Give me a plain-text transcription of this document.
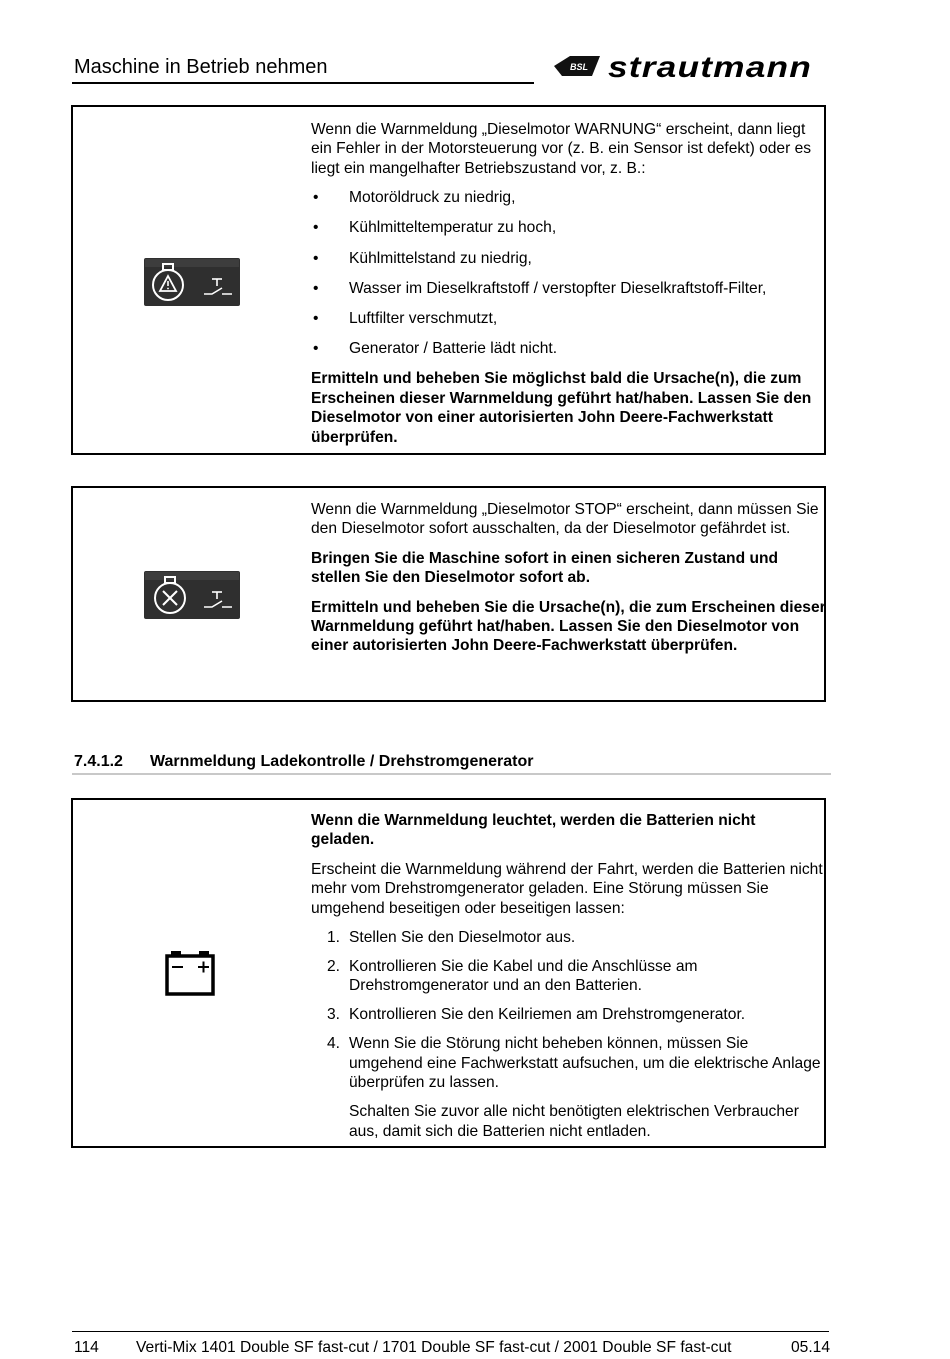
Maschine in Betrieb nehmen	BSL strautmann

Wenn die Warnmeldung „Dieselmotor WARNUNG“ erscheint, dann liegt ein Fehler in der Motorsteuerung vor (z. B. ein Sensor ist defekt) oder es liegt ein mangelhafter Betriebszustand vor, z. B.:

• Motoröldruck zu niedrig,
• Kühlmitteltemperatur zu hoch,
• Kühlmittelstand zu niedrig,
• Wasser im Dieselkraftstoff / verstopfter Dieselkraftstoff-Filter,
• Luftfilter verschmutzt,
• Generator / Batterie lädt nicht.

Ermitteln und beheben Sie möglichst bald die Ursache(n), die zum Erscheinen dieser Warnmeldung geführt hat/haben. Lassen Sie den Dieselmotor von einer autorisierten John Deere-Fachwerkstatt überprüfen.

Wenn die Warnmeldung „Dieselmotor STOP“ erscheint, dann müssen Sie den Dieselmotor sofort ausschalten, da der Dieselmotor gefährdet ist.

Bringen Sie die Maschine sofort in einen sicheren Zustand und stellen Sie den Dieselmotor sofort ab.

Ermitteln und beheben Sie die Ursache(n), die zum Erscheinen dieser Warnmeldung geführt hat/haben. Lassen Sie den Dieselmotor von einer autorisierten John Deere-Fachwerkstatt überprüfen.

7.4.1.2 Warnmeldung Ladekontrolle / Drehstromgenerator

Wenn die Warnmeldung leuchtet, werden die Batterien nicht geladen.

Erscheint die Warnmeldung während der Fahrt, werden die Batterien nicht mehr vom Drehstromgenerator geladen. Eine Störung müssen Sie umgehend beseitigen oder beseitigen lassen:

1. Stellen Sie den Dieselmotor aus.
2. Kontrollieren Sie die Kabel und die Anschlüsse am Drehstromgenerator und an den Batterien.
3. Kontrollieren Sie den Keilriemen am Drehstromgenerator.
4. Wenn Sie die Störung nicht beheben können, müssen Sie umgehend eine Fachwerkstatt aufsuchen, um die elektrische Anlage überprüfen zu lassen.

Schalten Sie zuvor alle nicht benötigten elektrischen Verbraucher aus, damit sich die Batterien nicht entladen.

114 Verti-Mix 1401 Double SF fast-cut / 1701 Double SF fast-cut / 2001 Double SF fast-cut	05.14
